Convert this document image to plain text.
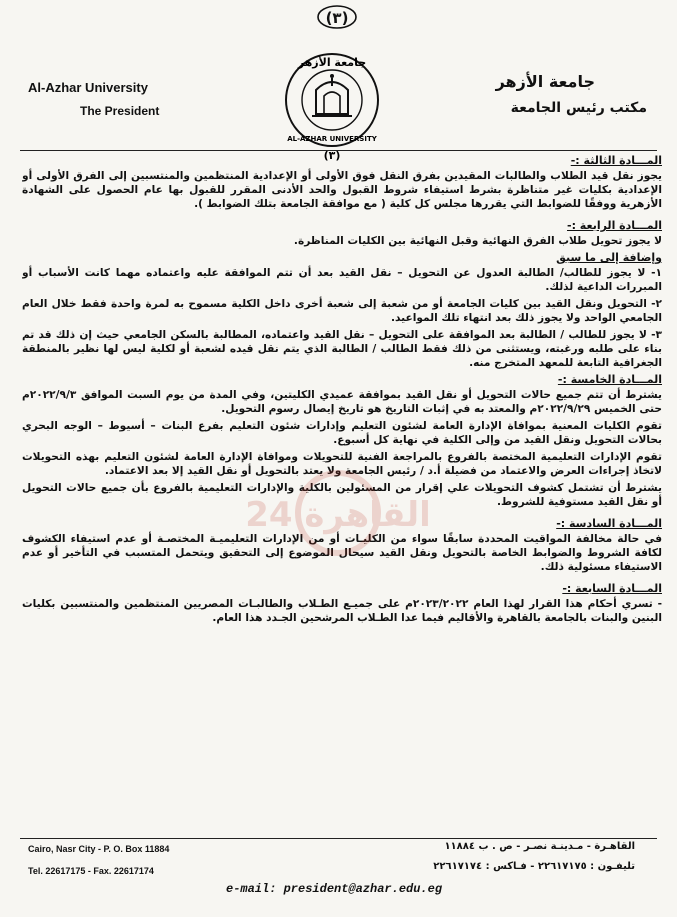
(٣)
Al-Azhar University
The President
جامعة الأزهر
مكتب رئيس الجامعة
جامعة الأزهر
AL-AZHAR UNIVERSITY
(٣)	المـــادة الثالثة :-

يجوز نقل قيد الطلاب والطالبات المقيدين بفرق النقل فوق الأولى أو الإعدادية المنتظمين والمنتسبين إلى الفرق الأولى أو الإعدادية بكليات غير متناظرة بشرط استيفاء شروط القبول والحد الأدنى المقرر للقبول بها عام الحصول على الشهادة الأزهرية ووفقًا للضوابط التي يقررها مجلس كل كلية ( مع موافقة الجامعة بتلك الضوابط ).

المـــادة الرابعة :-

لا يجوز تحويل طلاب الفرق النهائية وقبل النهائية بين الكليات المناظرة.

وإضافة إلى ما سبق

١- لا يجوز للطالب/ الطالبة العدول عن التحويل – نقل القيد بعد أن تتم الموافقة عليه واعتماده مهما كانت الأسباب أو المبررات الداعية لذلك.

٢- التحويل ونقل القيد بين كليات الجامعة أو من شعبة إلى شعبة أخرى داخل الكلية مسموح به لمرة واحدة فقط خلال العام الجامعي الواحد ولا يجوز ذلك بعد انتهاء تلك المواعيد.

٣- لا يجوز للطالب / الطالبة بعد الموافقة على التحويل – نقل القيد واعتماده، المطالبة بالسكن الجامعي حيث إن ذلك قد تم بناء على طلبه ورغبته، ويستثنى من ذلك فقط الطالب / الطالبة الذي يتم نقل قيده لشعبة أو لكلية ليس لها نظير بالمنطقة الجغرافية التابعة للمعهد المتخرج منه.

المـــادة الخامسة :-

يشترط أن تتم جميع حالات التحويل أو نقل القيد بموافقة عميدي الكليتين، وفي المدة من يوم السبت الموافق ٢٠٢٢/٩/٣م حتى الخميس ٢٠٢٢/٩/٢٩م والمعتد به في إثبات التاريخ هو تاريخ إيصال رسوم التحويل.

تقوم الكليات المعنية بموافاة الإدارة العامة لشئون التعليم وإدارات شئون التعليم بفرع البنات – أسيوط – الوجه البحري بحالات التحويل ونقل القيد من وإلى الكلية في نهاية كل أسبوع.

تقوم الإدارات التعليمية المختصة بالفروع بالمراجعة الفنية للتحويلات وموافاة الإدارة العامة لشئون التعليم بهذه التحويلات لاتخاذ إجراءات العرض والاعتماد من فضيلة أ.د / رئيس الجامعة ولا يعتد بالتحويل أو نقل القيد إلا بعد الاعتماد.

يشترط أن تشتمل كشوف التحويلات علي إقرار من المسئولين بالكلية والإدارات التعليمية بالفروع بأن جميع حالات التحويل أو نقل القيد مستوفية للشروط.

المـــادة السادسة :-

في حالة مخالفة المواقيت المحددة سابقًا سواء من الكليـات أو من الإدارات التعليميـة المختصـة أو عدم استيفاء الكشوف لكافة الشروط والضوابط الخاصة بالتحويل ونقل القيد سيحال الموضوع إلى التحقيق ويتحمل المتسبب في التأخير أو عدم الاستيفاء مسئولية ذلك.

المـــادة السابعة :-

- تسري أحكام هذا القرار لهذا العام ٢٠٢٣/٢٠٢٢م على جميـع الطـلاب والطالبـات المصريين المنتظمين والمنتسبين بكليات البنين والبنات بالجامعة بالقاهرة والأقاليم فيما عدا الطـلاب المرشحين الجـدد هذا العام.

القاهرة 24
Cairo, Nasr City - P. O. Box 11884
Tel. 22617175 - Fax. 22617174
القاهـرة - مـدينـة نصـر - ص . ب ١١٨٨٤
تليفـون : ٢٢٦١٧١٧٥ - فـاكس : ٢٢٦١٧١٧٤
e-mail: president@azhar.edu.eg
